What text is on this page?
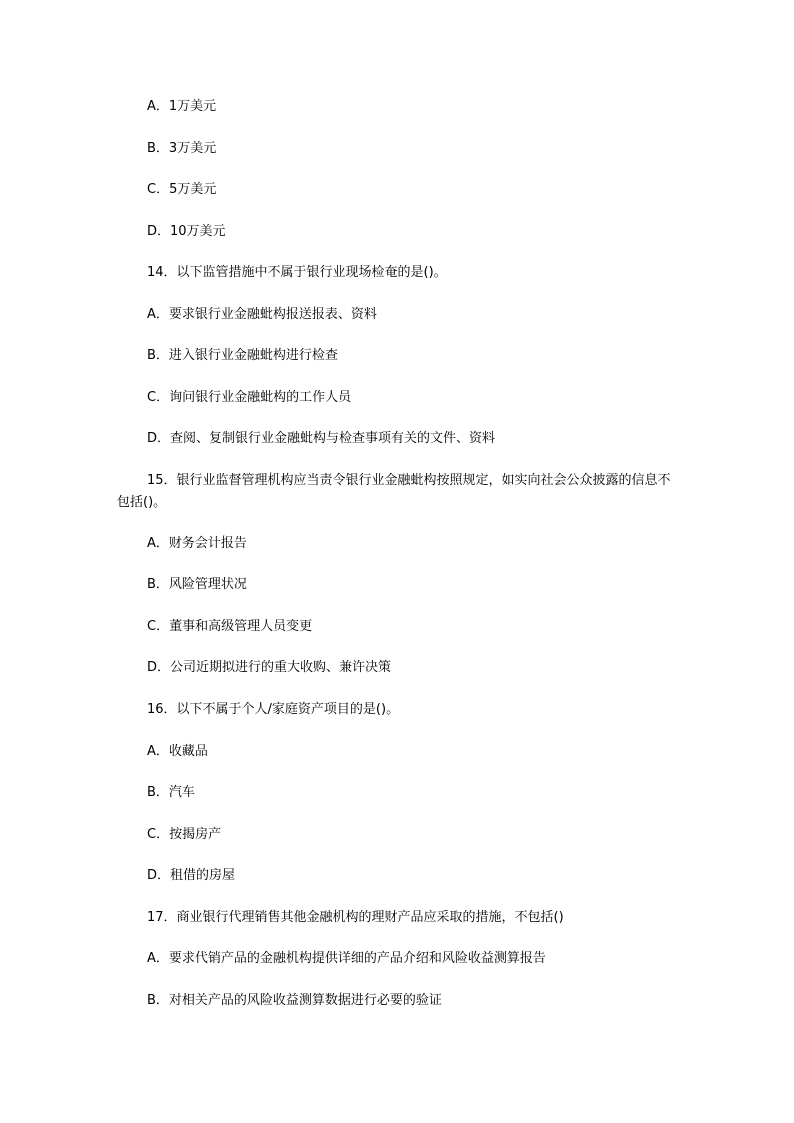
A．1万美元
B．3万美元
C．5万美元
D．10万美元
14．以下监管措施中不属于银行业现场检奄的是()。
A．要求银行业金融蚍构报送报表、资料
B．进入银行业金融蚍构进行检查
C．询问银行业金融蚍构的工作人员
D．查阅、复制银行业金融蚍构与检查事项有关的文件、资料
15．银行业监督管理机构应当责令银行业金融蚍构按照规定，如实向社会公众披露的信息不包括()。
A．财务会计报告
B．风险管理状况
C．董事和高级管理人员变更
D．公司近期拟进行的重大收购、兼许决策
16．以下不属于个人/家庭资产项目的是()。
A．收藏品
B．汽车
C．按揭房产
D．租借的房屋
17．商业银行代理销售其他金融机构的理财产品应采取的措施，不包括()
A．要求代销产品的金融机构提供详细的产品介绍和风险收益测算报告
B．对相关产品的风险收益测算数据进行必要的验证
